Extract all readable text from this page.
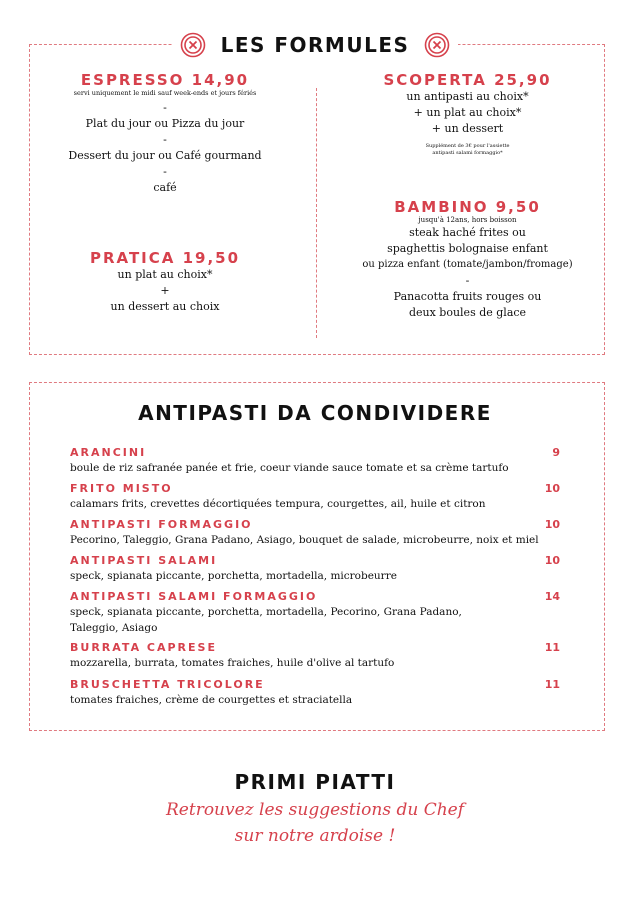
LES FORMULES
ESPRESSO 14,90
servi uniquement le midi sauf week-ends et jours fériés
-
Plat du jour ou Pizza du jour
-
Dessert du jour ou Café gourmand
-
café
PRATICA 19,50
un plat au choix*
+
un dessert au choix
SCOPERTA 25,90
un antipasti au choix*
+ un plat au choix*
+ un dessert
Supplément de 3€ pour l'assiette
antipasti salami formaggio*
BAMBINO 9,50
jusqu'à 12ans, hors boisson
steak haché frites ou
spaghettis bolognaise enfant
ou pizza enfant (tomate/jambon/fromage)
-
Panacotta fruits rouges ou
deux boules de glace
ANTIPASTI DA CONDIVIDERE
ARANCINI	9
boule de riz safranée panée et frie, coeur viande sauce tomate et sa crème tartufo
FRITO MISTO	10
calamars frits, crevettes décortiquées tempura, courgettes, ail, huile et citron
ANTIPASTI FORMAGGIO	10
Pecorino, Taleggio, Grana Padano, Asiago, bouquet de salade, microbeurre, noix et miel
ANTIPASTI SALAMI	10
speck, spianata piccante, porchetta, mortadella, microbeurre
ANTIPASTI SALAMI FORMAGGIO	14
speck, spianata piccante, porchetta, mortadella, Pecorino, Grana Padano, Taleggio, Asiago
BURRATA CAPRESE	11
mozzarella, burrata, tomates fraiches, huile d'olive al tartufo
BRUSCHETTA TRICOLORE	11
tomates fraiches, crème de courgettes et straciatella
PRIMI PIATTI
Retrouvez les suggestions du Chef
sur notre ardoise !
